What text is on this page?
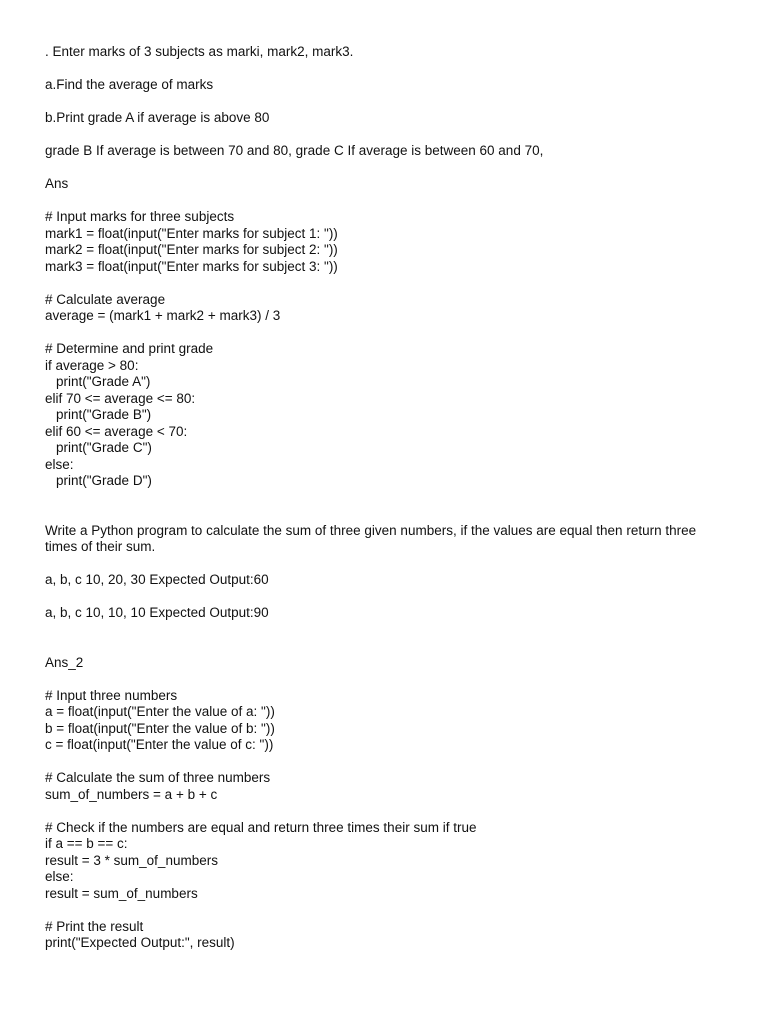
. Enter marks of 3 subjects as marki, mark2, mark3.
a.Find the average of marks
b.Print grade A if average is above 80
grade B If average is between 70 and 80, grade C If average is between 60 and 70,
Ans
# Input marks for three subjects
mark1 = float(input("Enter marks for subject 1: "))
mark2 = float(input("Enter marks for subject 2: "))
mark3 = float(input("Enter marks for subject 3: "))
# Calculate average
average = (mark1 + mark2 + mark3) / 3
# Determine and print grade
if average > 80:
print("Grade A")
elif 70 <= average <= 80:
print("Grade B")
elif 60 <= average < 70:
print("Grade C")
else:
print("Grade D")
Write a Python program to calculate the sum of three given numbers, if the values are equal then return three times of their sum.
a, b, c 10, 20, 30 Expected Output:60
a, b, c 10, 10, 10 Expected Output:90
Ans_2
# Input three numbers
a = float(input("Enter the value of a: "))
b = float(input("Enter the value of b: "))
c = float(input("Enter the value of c: "))
# Calculate the sum of three numbers
sum_of_numbers = a + b + c
# Check if the numbers are equal and return three times their sum if true
if a == b == c:
result = 3 * sum_of_numbers
else:
result = sum_of_numbers
# Print the result
print("Expected Output:", result)
